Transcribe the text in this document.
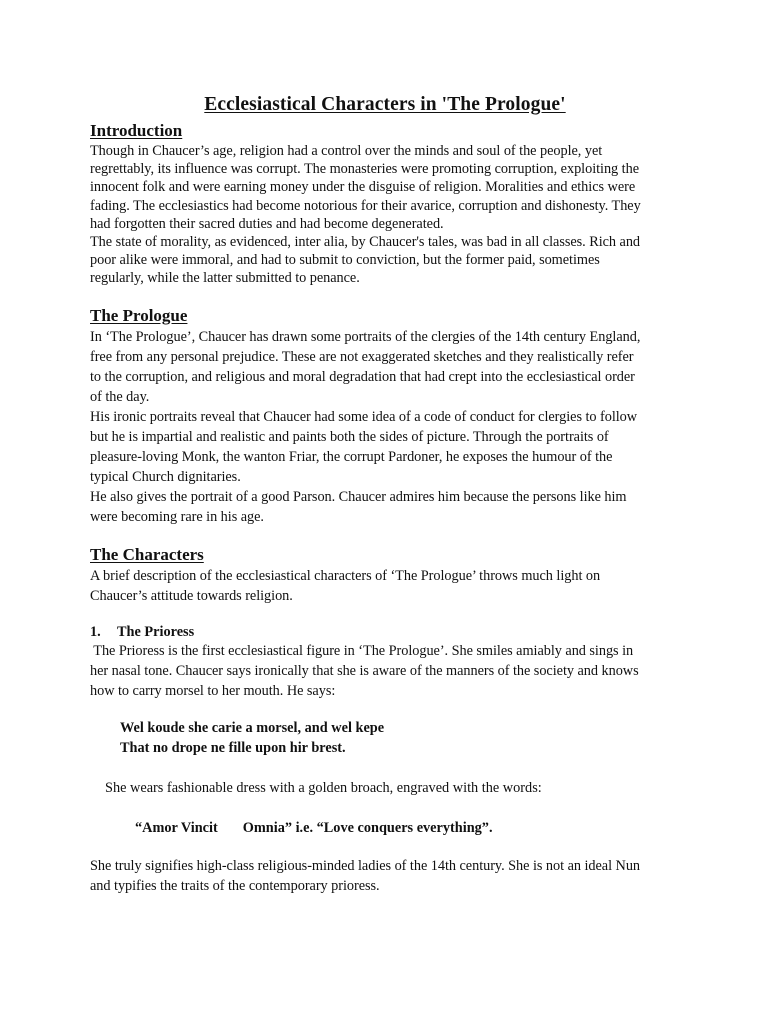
Ecclesiastical Characters in 'The Prologue'
Introduction
Though in Chaucer’s age, religion had a control over the minds and soul of the people, yet
regrettably, its influence was corrupt. The monasteries were promoting corruption, exploiting the
innocent folk and were earning money under the disguise of religion. Moralities and ethics were
fading. The ecclesiastics had become notorious for their avarice, corruption and dishonesty. They
had forgotten their sacred duties and had become degenerated.
The state of morality, as evidenced, inter alia, by Chaucer's tales, was bad in all classes. Rich and
poor alike were immoral, and had to submit to conviction, but the former paid, sometimes
regularly, while the latter submitted to penance.
The Prologue
In ‘The Prologue’, Chaucer has drawn some portraits of the clergies of the 14th century England,
free from any personal prejudice. These are not exaggerated sketches and they realistically refer
to the corruption, and religious and moral degradation that had crept into the ecclesiastical order
of the day.
His ironic portraits reveal that Chaucer had some idea of a code of conduct for clergies to follow
but he is impartial and realistic and paints both the sides of picture. Through the portraits of
pleasure-loving Monk, the wanton Friar, the corrupt Pardoner, he exposes the humour of the
typical Church dignitaries.
He also gives the portrait of a good Parson. Chaucer admires him because the persons like him
were becoming rare in his age.
The Characters
A brief description of the ecclesiastical characters of ‘The Prologue’ throws much light on
Chaucer’s attitude towards religion.
1. The Prioress
The Prioress is the first ecclesiastical figure in ‘The Prologue’. She smiles amiably and sings in
her nasal tone. Chaucer says ironically that she is aware of the manners of the society and knows
how to carry morsel to her mouth. He says:
Wel koude she carie a morsel, and wel kepe
That no drope ne fille upon hir brest.
She wears fashionable dress with a golden broach, engraved with the words:
“Amor Vincit       Omnia” i.e. “Love conquers everything”.
She truly signifies high-class religious-minded ladies of the 14th century. She is not an ideal Nun
and typifies the traits of the contemporary prioress.
